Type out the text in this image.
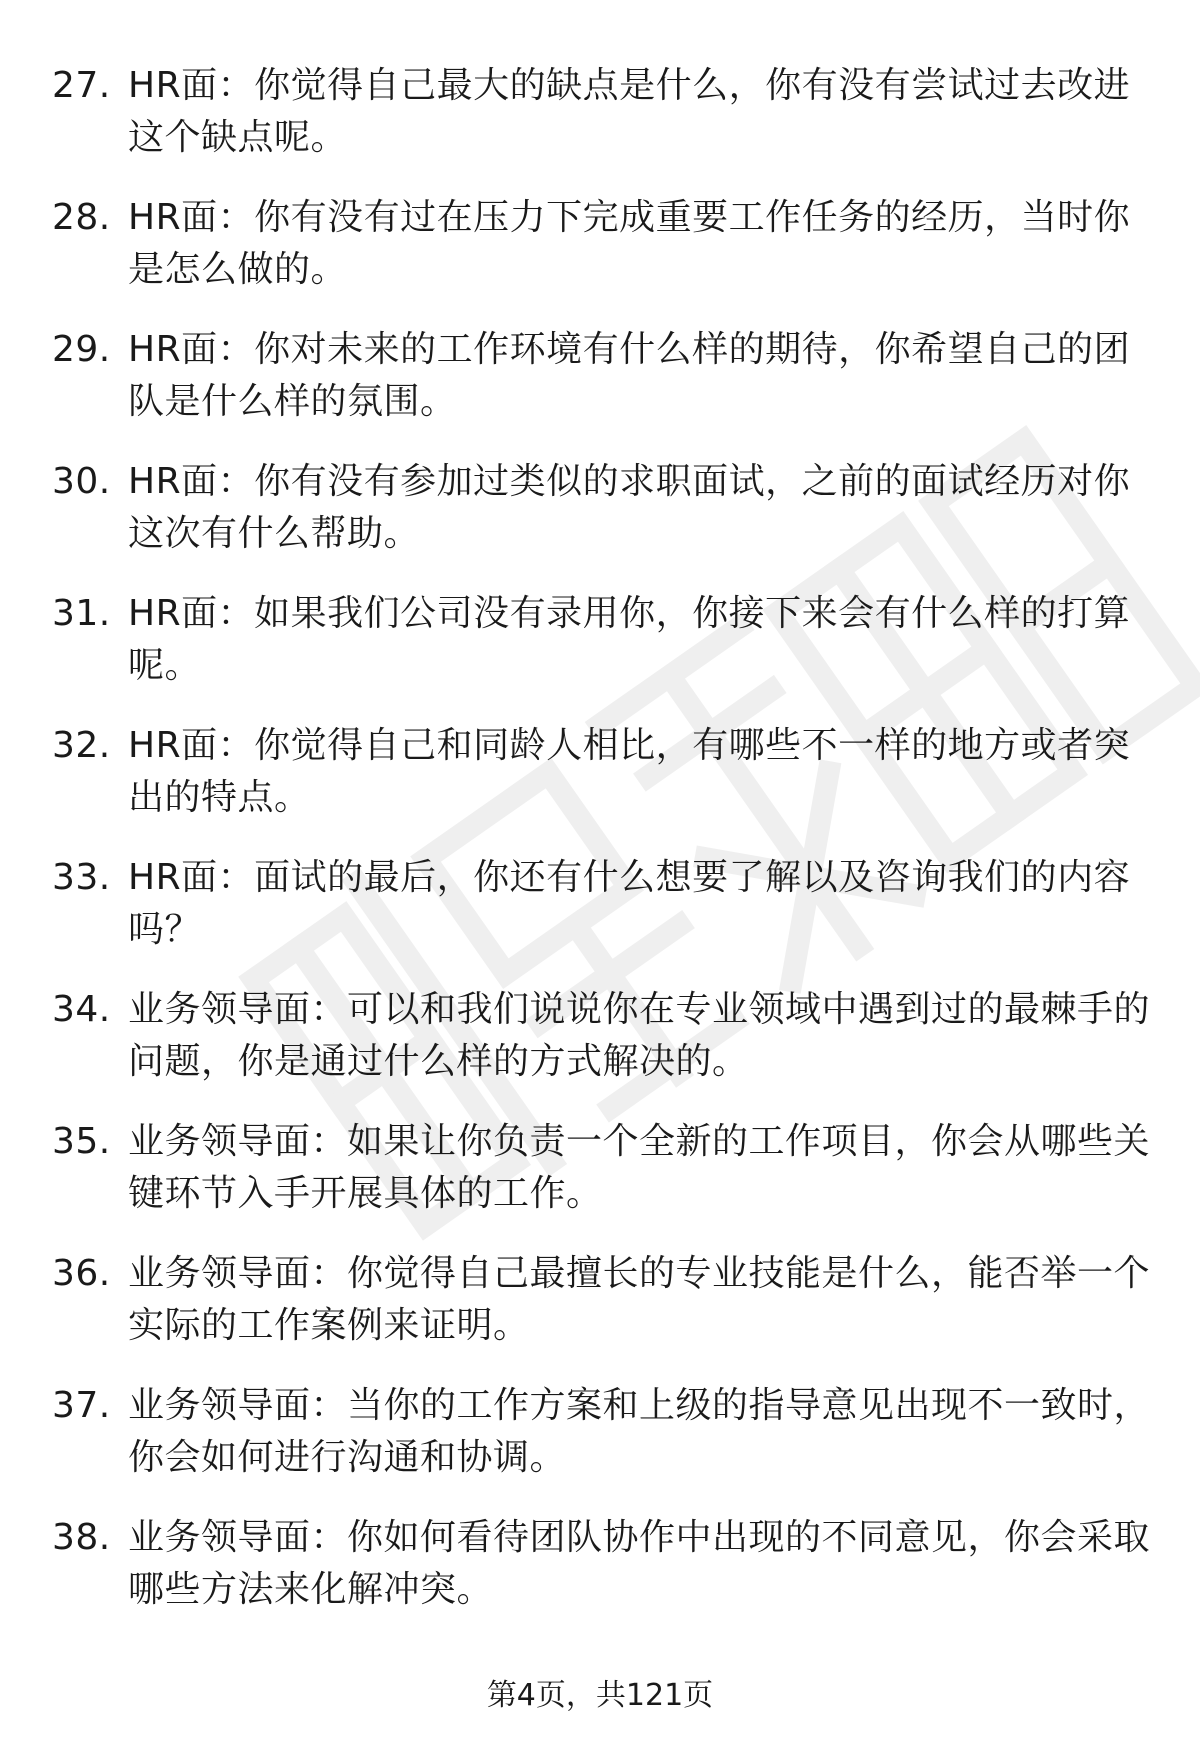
27. HR面：你觉得自己最大的缺点是什么，你有没有尝试过去改进这个缺点呢。
28. HR面：你有没有过在压力下完成重要工作任务的经历，当时你是怎么做的。
29. HR面：你对未来的工作环境有什么样的期待，你希望自己的团队是什么样的氛围。
30. HR面：你有没有参加过类似的求职面试，之前的面试经历对你这次有什么帮助。
31. HR面：如果我们公司没有录用你，你接下来会有什么样的打算呢。
32. HR面：你觉得自己和同龄人相比，有哪些不一样的地方或者突出的特点。
33. HR面：面试的最后，你还有什么想要了解以及咨询我们的内容吗？
34. 业务领导面：可以和我们说说你在专业领域中遇到过的最棘手的问题，你是通过什么样的方式解决的。
35. 业务领导面：如果让你负责一个全新的工作项目，你会从哪些关键环节入手开展具体的工作。
36. 业务领导面：你觉得自己最擅长的专业技能是什么，能否举一个实际的工作案例来证明。
37. 业务领导面：当你的工作方案和上级的指导意见出现不一致时，你会如何进行沟通和协调。
38. 业务领导面：你如何看待团队协作中出现的不同意见，你会采取哪些方法来化解冲突。
第4页，共121页
